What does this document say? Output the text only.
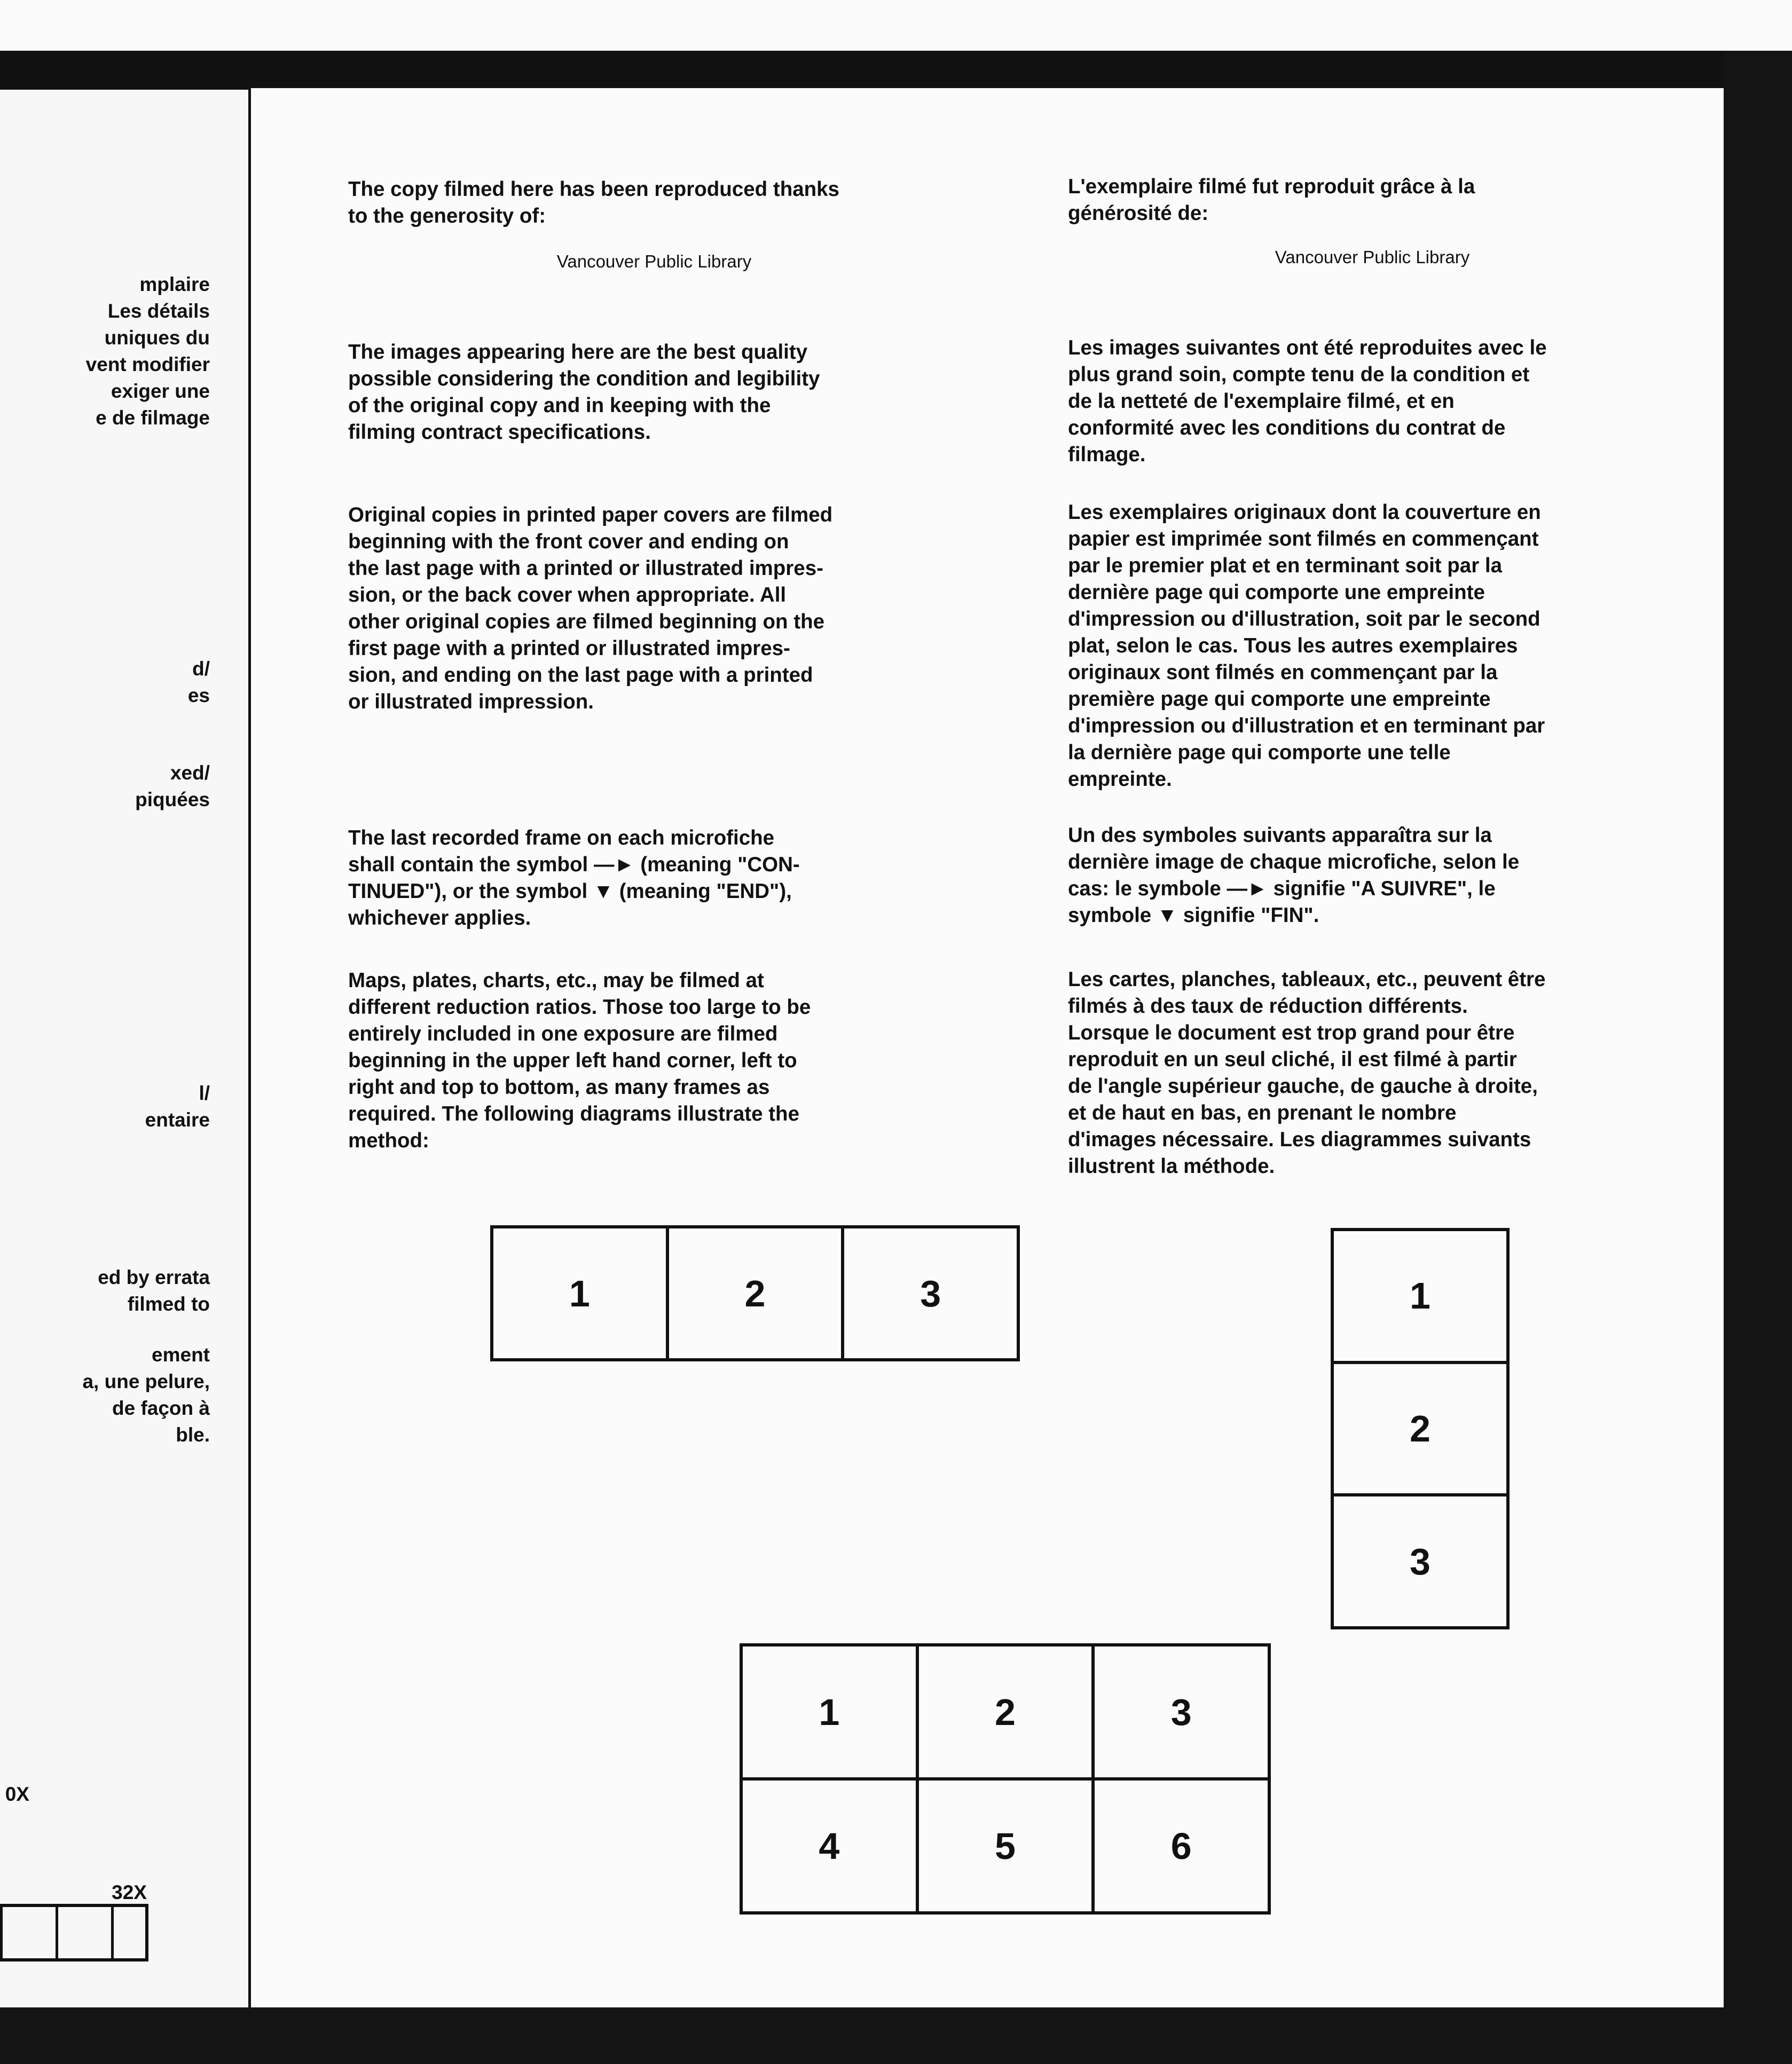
mplaire
Les détails
uniques du
vent modifier
exiger une
e de filmage
d/
es
xed/
piquées
l/
entaire
ed by errata
filmed to
ement
a, une pelure,
de façon à
ble.
0X
32X

The copy filmed here has been reproduced thanks
to the generosity of:

Vancouver Public Library

The images appearing here are the best quality
possible considering the condition and legibility
of the original copy and in keeping with the
filming contract specifications.

Original copies in printed paper covers are filmed
beginning with the front cover and ending on
the last page with a printed or illustrated impres-
sion, or the back cover when appropriate. All
other original copies are filmed beginning on the
first page with a printed or illustrated impres-
sion, and ending on the last page with a printed
or illustrated impression.

The last recorded frame on each microfiche
shall contain the symbol —► (meaning "CON-
TINUED"), or the symbol ▼ (meaning "END"),
whichever applies.

Maps, plates, charts, etc., may be filmed at
different reduction ratios. Those too large to be
entirely included in one exposure are filmed
beginning in the upper left hand corner, left to
right and top to bottom, as many frames as
required. The following diagrams illustrate the
method:

L'exemplaire filmé fut reproduit grâce à la
générosité de:

Vancouver Public Library

Les images suivantes ont été reproduites avec le
plus grand soin, compte tenu de la condition et
de la netteté de l'exemplaire filmé, et en
conformité avec les conditions du contrat de
filmage.

Les exemplaires originaux dont la couverture en
papier est imprimée sont filmés en commençant
par le premier plat et en terminant soit par la
dernière page qui comporte une empreinte
d'impression ou d'illustration, soit par le second
plat, selon le cas. Tous les autres exemplaires
originaux sont filmés en commençant par la
première page qui comporte une empreinte
d'impression ou d'illustration et en terminant par
la dernière page qui comporte une telle
empreinte.

Un des symboles suivants apparaîtra sur la
dernière image de chaque microfiche, selon le
cas: le symbole —► signifie "A SUIVRE", le
symbole ▼ signifie "FIN".

Les cartes, planches, tableaux, etc., peuvent être
filmés à des taux de réduction différents.
Lorsque le document est trop grand pour être
reproduit en un seul cliché, il est filmé à partir
de l'angle supérieur gauche, de gauche à droite,
et de haut en bas, en prenant le nombre
d'images nécessaire. Les diagrammes suivants
illustrent la méthode.

1	2	3	1
2
3
1	2	3
4	5	6
